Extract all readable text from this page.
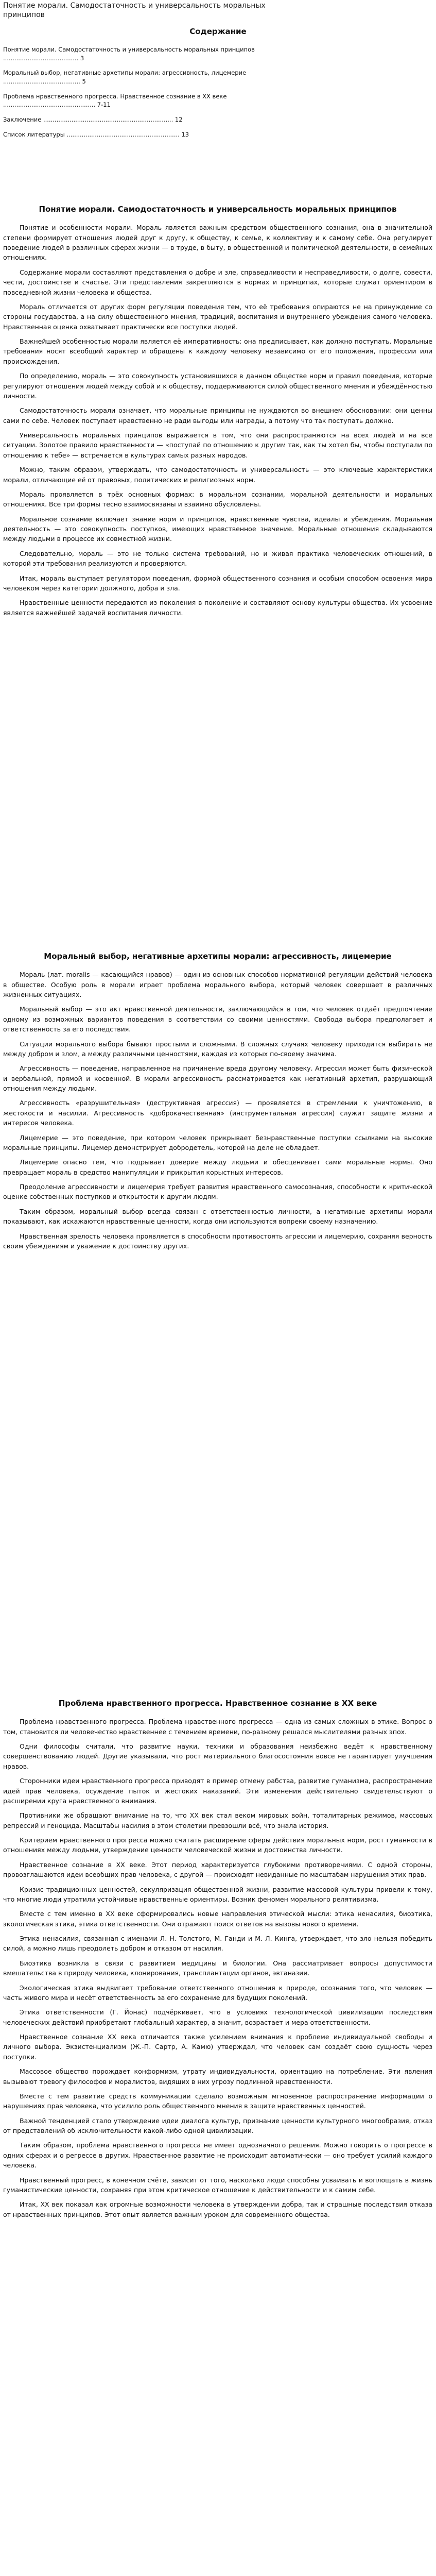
Понятие морали. Самодостаточность и универсальность моральных принципов
Содержание
Понятие морали. Самодостаточность и универсальность моральных принципов ........................................ 3
Моральный выбор, негативные архетипы морали: агрессивность, лицемерие ......................................... 5
Проблема нравственного прогресса. Нравственное сознание в ХХ веке ................................................. 7-11
Заключение ..................................................................... 12
Список литературы ............................................................ 13
Понятие морали. Самодостаточность и универсальность моральных принципов

Понятие и особенности морали. Мораль является важным средством общественного сознания, она в значительной степени формирует отношения людей друг к другу, к обществу, к семье, к коллективу и к самому себе. Она регулирует поведение людей в различных сферах жизни — в труде, в быту, в общественной и политической деятельности, в семейных отношениях.

Содержание морали составляют представления о добре и зле, справедливости и несправедливости, о долге, совести, чести, достоинстве и счастье. Эти представления закрепляются в нормах и принципах, которые служат ориентиром в повседневной жизни человека и общества.

Мораль отличается от других форм регуляции поведения тем, что её требования опираются не на принуждение со стороны государства, а на силу общественного мнения, традиций, воспитания и внутреннего убеждения самого человека. Нравственная оценка охватывает практически все поступки людей.

Важнейшей особенностью морали является её императивность: она предписывает, как должно поступать. Моральные требования носят всеобщий характер и обращены к каждому человеку независимо от его положения, профессии или происхождения.

По определению, мораль — это совокупность установившихся в данном обществе норм и правил поведения, которые регулируют отношения людей между собой и к обществу, поддерживаются силой общественного мнения и убеждённостью личности.

Самодостаточность морали означает, что моральные принципы не нуждаются во внешнем обосновании: они ценны сами по себе. Человек поступает нравственно не ради выгоды или награды, а потому что так поступать должно.

Универсальность моральных принципов выражается в том, что они распространяются на всех людей и на все ситуации. Золотое правило нравственности — «поступай по отношению к другим так, как ты хотел бы, чтобы поступали по отношению к тебе» — встречается в культурах самых разных народов.

Можно, таким образом, утверждать, что самодостаточность и универсальность — это ключевые характеристики морали, отличающие её от правовых, политических и религиозных норм.

Мораль проявляется в трёх основных формах: в моральном сознании, моральной деятельности и моральных отношениях. Все три формы тесно взаимосвязаны и взаимно обусловлены.

Моральное сознание включает знание норм и принципов, нравственные чувства, идеалы и убеждения. Моральная деятельность — это совокупность поступков, имеющих нравственное значение. Моральные отношения складываются между людьми в процессе их совместной жизни.

Следовательно, мораль — это не только система требований, но и живая практика человеческих отношений, в которой эти требования реализуются и проверяются.

Итак, мораль выступает регулятором поведения, формой общественного сознания и особым способом освоения мира человеком через категории должного, добра и зла.

Нравственные ценности передаются из поколения в поколение и составляют основу культуры общества. Их усвоение является важнейшей задачей воспитания личности.

Моральный выбор, негативные архетипы морали: агрессивность, лицемерие

Мораль (лат. moralis — касающийся нравов) — один из основных способов нормативной регуляции действий человека в обществе. Особую роль в морали играет проблема морального выбора, который человек совершает в различных жизненных ситуациях.

Моральный выбор — это акт нравственной деятельности, заключающийся в том, что человек отдаёт предпочтение одному из возможных вариантов поведения в соответствии со своими ценностями. Свобода выбора предполагает и ответственность за его последствия.

Ситуации морального выбора бывают простыми и сложными. В сложных случаях человеку приходится выбирать не между добром и злом, а между различными ценностями, каждая из которых по-своему значима.

Агрессивность — поведение, направленное на причинение вреда другому человеку. Агрессия может быть физической и вербальной, прямой и косвенной. В морали агрессивность рассматривается как негативный архетип, разрушающий отношения между людьми.

Агрессивность «разрушительная» (деструктивная агрессия) — проявляется в стремлении к уничтожению, в жестокости и насилии. Агрессивность «доброкачественная» (инструментальная агрессия) служит защите жизни и интересов человека.

Лицемерие — это поведение, при котором человек прикрывает безнравственные поступки ссылками на высокие моральные принципы. Лицемер демонстрирует добродетель, которой на деле не обладает.

Лицемерие опасно тем, что подрывает доверие между людьми и обесценивает сами моральные нормы. Оно превращает мораль в средство манипуляции и прикрытия корыстных интересов.

Преодоление агрессивности и лицемерия требует развития нравственного самосознания, способности к критической оценке собственных поступков и открытости к другим людям.

Таким образом, моральный выбор всегда связан с ответственностью личности, а негативные архетипы морали показывают, как искажаются нравственные ценности, когда они используются вопреки своему назначению.

Нравственная зрелость человека проявляется в способности противостоять агрессии и лицемерию, сохраняя верность своим убеждениям и уважение к достоинству других.

Проблема нравственного прогресса. Нравственное сознание в ХХ веке

Проблема нравственного прогресса. Проблема нравственного прогресса — одна из самых сложных в этике. Вопрос о том, становится ли человечество нравственнее с течением времени, по-разному решался мыслителями разных эпох.

Одни философы считали, что развитие науки, техники и образования неизбежно ведёт к нравственному совершенствованию людей. Другие указывали, что рост материального благосостояния вовсе не гарантирует улучшения нравов.

Сторонники идеи нравственного прогресса приводят в пример отмену рабства, развитие гуманизма, распространение идей прав человека, осуждение пыток и жестоких наказаний. Эти изменения действительно свидетельствуют о расширении круга нравственного внимания.

Противники же обращают внимание на то, что ХХ век стал веком мировых войн, тоталитарных режимов, массовых репрессий и геноцида. Масштабы насилия в этом столетии превзошли всё, что знала история.

Критерием нравственного прогресса можно считать расширение сферы действия моральных норм, рост гуманности в отношениях между людьми, утверждение ценности человеческой жизни и достоинства личности.

Нравственное сознание в ХХ веке. Этот период характеризуется глубокими противоречиями. С одной стороны, провозглашаются идеи всеобщих прав человека, с другой — происходят невиданные по масштабам нарушения этих прав.

Кризис традиционных ценностей, секуляризация общественной жизни, развитие массовой культуры привели к тому, что многие люди утратили устойчивые нравственные ориентиры. Возник феномен морального релятивизма.

Вместе с тем именно в ХХ веке сформировались новые направления этической мысли: этика ненасилия, биоэтика, экологическая этика, этика ответственности. Они отражают поиск ответов на вызовы нового времени.

Этика ненасилия, связанная с именами Л. Н. Толстого, М. Ганди и М. Л. Кинга, утверждает, что зло нельзя победить силой, а можно лишь преодолеть добром и отказом от насилия.

Биоэтика возникла в связи с развитием медицины и биологии. Она рассматривает вопросы допустимости вмешательства в природу человека, клонирования, трансплантации органов, эвтаназии.

Экологическая этика выдвигает требование ответственного отношения к природе, осознания того, что человек — часть живого мира и несёт ответственность за его сохранение для будущих поколений.

Этика ответственности (Г. Йонас) подчёркивает, что в условиях технологической цивилизации последствия человеческих действий приобретают глобальный характер, а значит, возрастает и мера ответственности.

Нравственное сознание ХХ века отличается также усилением внимания к проблеме индивидуальной свободы и личного выбора. Экзистенциализм (Ж.-П. Сартр, А. Камю) утверждал, что человек сам создаёт свою сущность через поступки.

Массовое общество порождает конформизм, утрату индивидуальности, ориентацию на потребление. Эти явления вызывают тревогу философов и моралистов, видящих в них угрозу подлинной нравственности.

Вместе с тем развитие средств коммуникации сделало возможным мгновенное распространение информации о нарушениях прав человека, что усилило роль общественного мнения в защите нравственных ценностей.

Важной тенденцией стало утверждение идеи диалога культур, признание ценности культурного многообразия, отказ от представлений об исключительности какой-либо одной цивилизации.

Таким образом, проблема нравственного прогресса не имеет однозначного решения. Можно говорить о прогрессе в одних сферах и о регрессе в других. Нравственное развитие не происходит автоматически — оно требует усилий каждого человека.

Нравственный прогресс, в конечном счёте, зависит от того, насколько люди способны усваивать и воплощать в жизнь гуманистические ценности, сохраняя при этом критическое отношение к действительности и к самим себе.

Итак, ХХ век показал как огромные возможности человека в утверждении добра, так и страшные последствия отказа от нравственных принципов. Этот опыт является важным уроком для современного общества.
